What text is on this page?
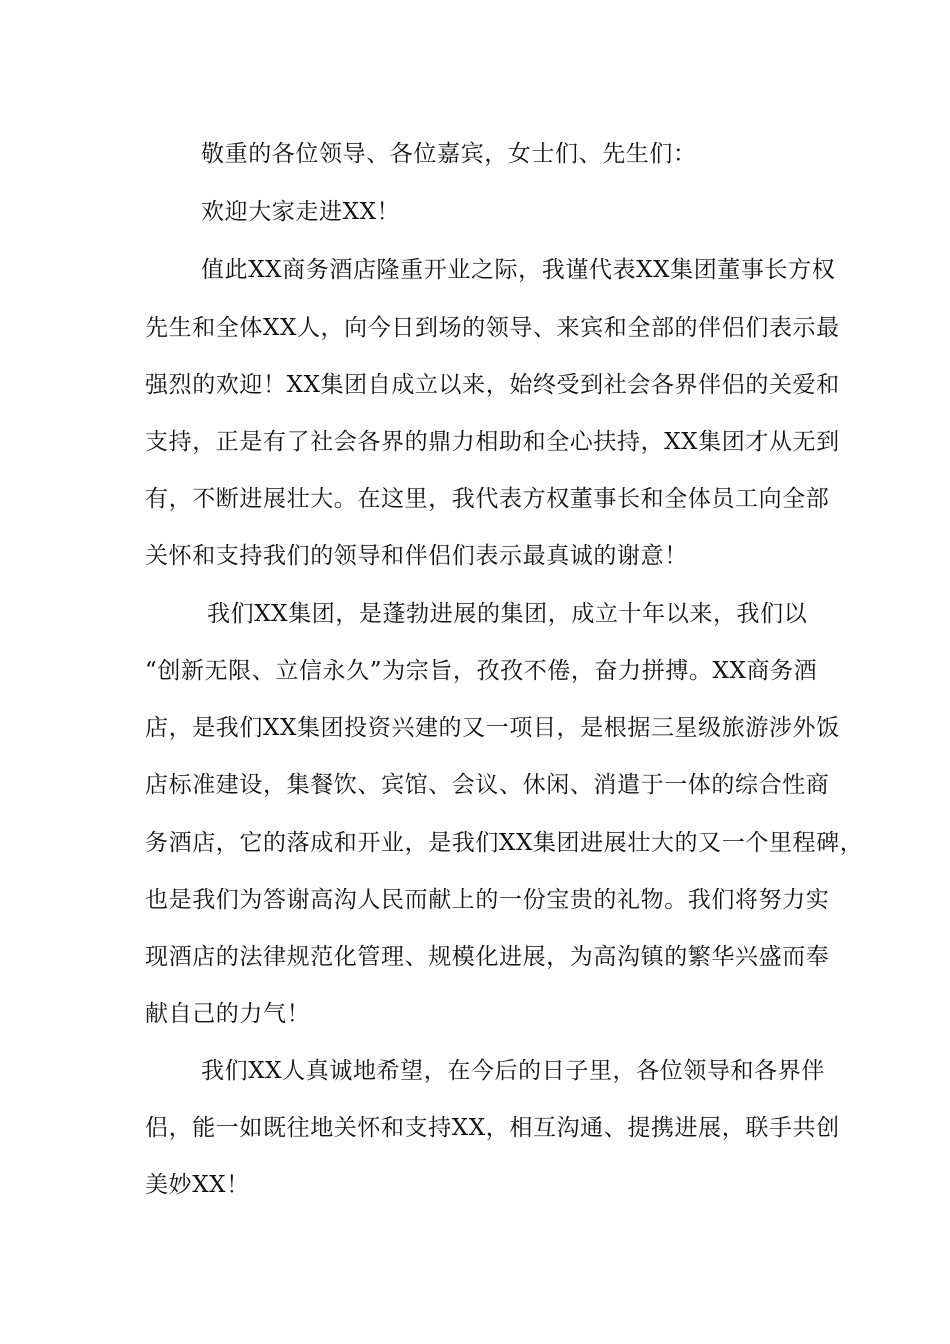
敬重的各位领导、各位嘉宾，女士们、先生们：
欢迎大家走进XX！
值此XX商务酒店隆重开业之际，我谨代表XX集团董事长方权
先生和全体XX人，向今日到场的领导、来宾和全部的伴侣们表示最
强烈的欢迎！XX集团自成立以来，始终受到社会各界伴侣的关爱和
支持，正是有了社会各界的鼎力相助和全心扶持，XX集团才从无到
有，不断进展壮大。在这里，我代表方权董事长和全体员工向全部
关怀和支持我们的领导和伴侣们表示最真诚的谢意！
我们XX集团，是蓬勃进展的集团，成立十年以来，我们以
“创新无限、立信永久”为宗旨，孜孜不倦，奋力拼搏。XX商务酒
店，是我们XX集团投资兴建的又一项目，是根据三星级旅游涉外饭
店标准建设，集餐饮、宾馆、会议、休闲、消遣于一体的综合性商
务酒店，它的落成和开业，是我们XX集团进展壮大的又一个里程碑，
也是我们为答谢高沟人民而献上的一份宝贵的礼物。我们将努力实
现酒店的法律规范化管理、规模化进展，为高沟镇的繁华兴盛而奉
献自己的力气！
我们XX人真诚地希望，在今后的日子里，各位领导和各界伴
侣，能一如既往地关怀和支持XX，相互沟通、提携进展，联手共创
美妙XX！
